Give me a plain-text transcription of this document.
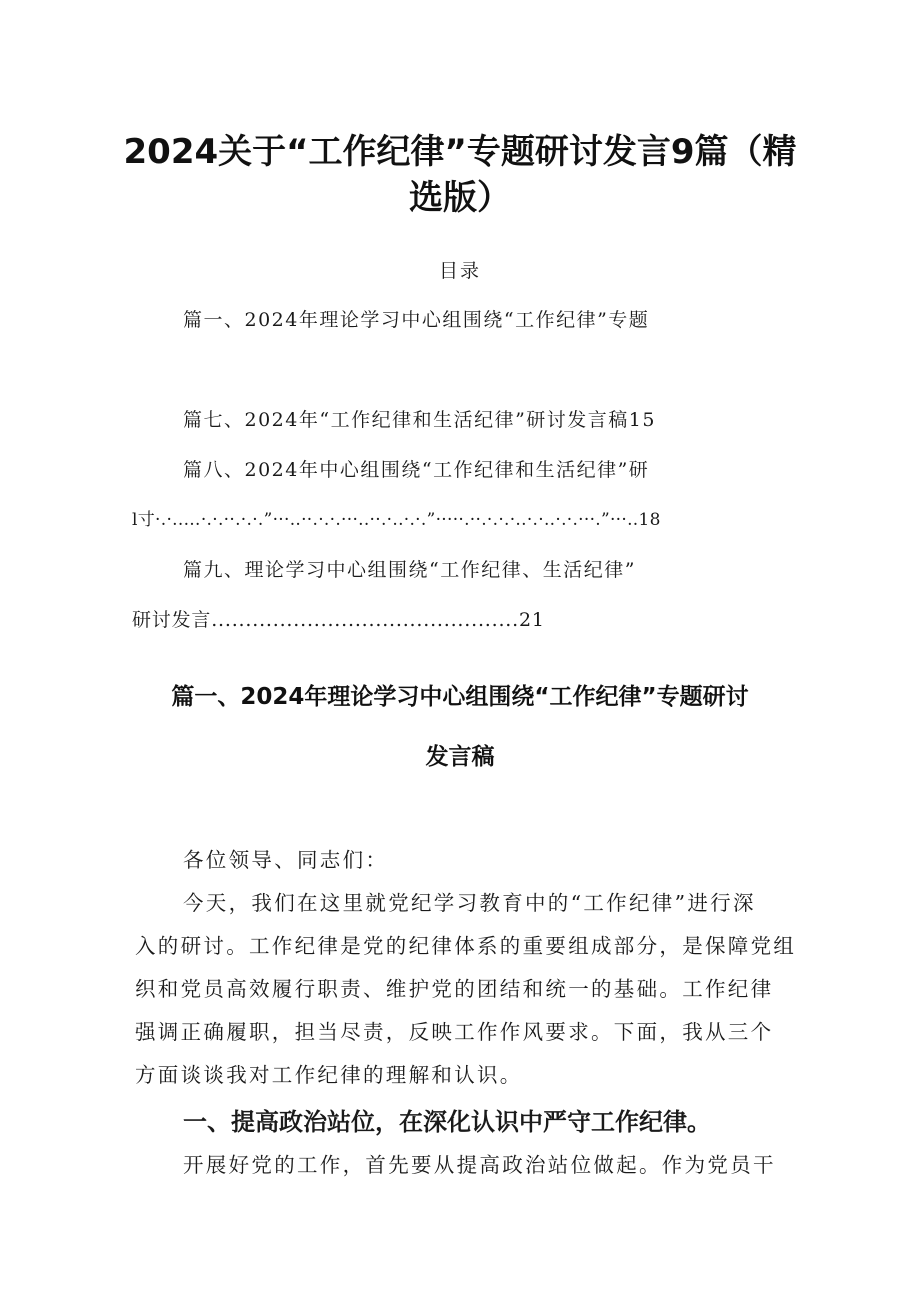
2024关于“工作纪律”专题研讨发言9篇（精
选版）
目录
篇一、2024年理论学习中心组围绕“工作纪律”专题
篇七、2024年“工作纪律和生活纪律”研讨发言稿15
篇八、2024年中心组围绕“工作纪律和生活纪律”研
l寸·.·..…·.·.··.·.·.”···..··.·.·.···..··.·..·.·.”·····.··.·.·.·..·.·..·.·.···.”···..18
篇九、理论学习中心组围绕“工作纪律、生活纪律”
研讨发言.............................................21
篇一、2024年理论学习中心组围绕“工作纪律”专题研讨
发言稿
各位领导、同志们：
今天，我们在这里就党纪学习教育中的“工作纪律”进行深
入的研讨。工作纪律是党的纪律体系的重要组成部分，是保障党组
织和党员高效履行职责、维护党的团结和统一的基础。工作纪律
强调正确履职，担当尽责，反映工作作风要求。下面，我从三个
方面谈谈我对工作纪律的理解和认识。
一、提高政治站位，在深化认识中严守工作纪律。
开展好党的工作，首先要从提高政治站位做起。作为党员干
